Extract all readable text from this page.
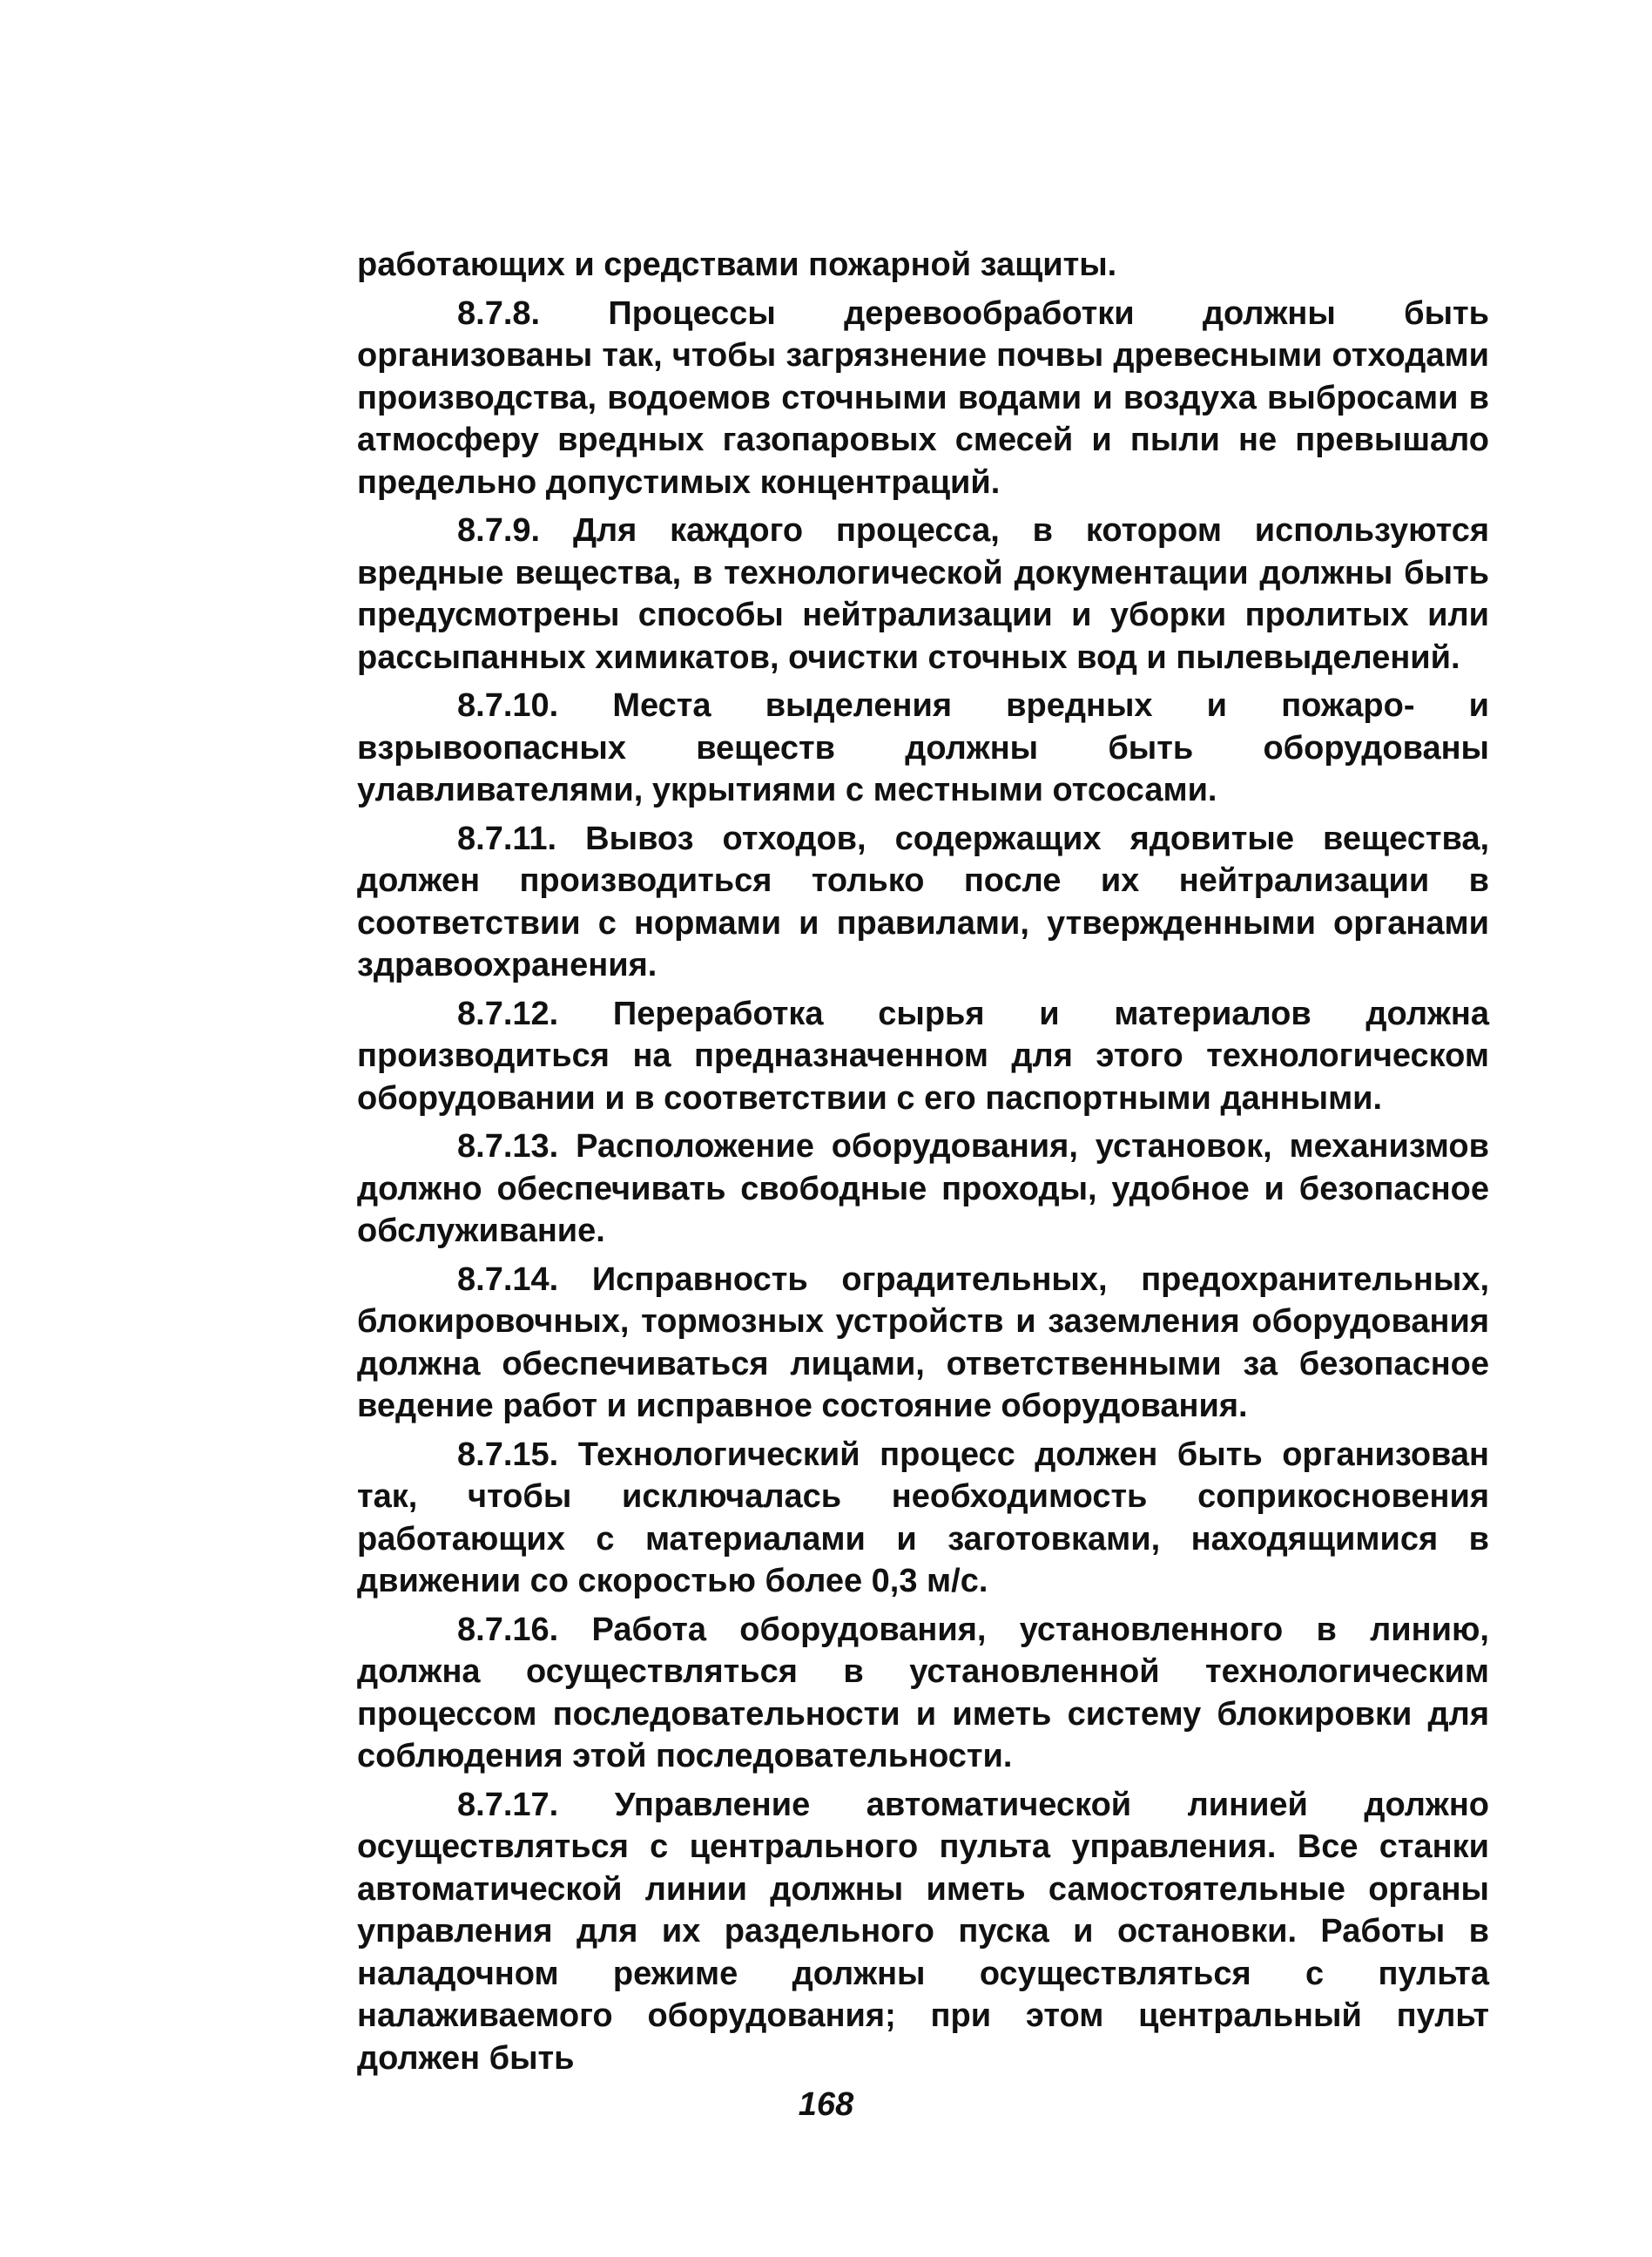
работающих и средствами пожарной защиты.

8.7.8. Процессы деревообработки должны быть организованы так, чтобы загрязнение почвы древесными отходами производства, водоемов сточными водами и воздуха выбросами в атмосферу вредных газопаровых смесей и пыли не превышало предельно допустимых концентраций.

8.7.9. Для каждого процесса, в котором используются вредные вещества, в технологической документации должны быть предусмотрены способы нейтрализации и уборки пролитых или рассыпанных химикатов, очистки сточных вод и пылевыделений.

8.7.10. Места выделения вредных и пожаро- и взрывоопасных веществ должны быть оборудованы улавливателями, укрытиями с местными отсосами.

8.7.11. Вывоз отходов, содержащих ядовитые вещества, должен производиться только после их нейтрализации в соответствии с нормами и правилами, утвержденными органами здравоохранения.

8.7.12. Переработка сырья и материалов должна производиться на предназначенном для этого технологическом оборудовании и в соответствии с его паспортными данными.

8.7.13. Расположение оборудования, установок, механизмов должно обеспечивать свободные проходы, удобное и безопасное обслуживание.

8.7.14. Исправность оградительных, предохранительных, блокировочных, тормозных устройств и заземления оборудования должна обеспечиваться лицами, ответственными за безопасное ведение работ и исправное состояние оборудования.

8.7.15. Технологический процесс должен быть организован так, чтобы исключалась необходимость соприкосновения работающих с материалами и заготовками, находящимися в движении со скоростью более 0,3 м/с.

8.7.16. Работа оборудования, установленного в линию, должна осуществляться в установленной технологическим процессом последовательности и иметь систему блокировки для соблюдения этой последовательности.

8.7.17. Управление автоматической линией должно осуществляться с центрального пульта управления. Все станки автоматической линии должны иметь самостоятельные органы управления для их раздельного пуска и остановки. Работы в наладочном режиме должны осуществляться с пульта налаживаемого оборудования; при этом центральный пульт должен быть

168
